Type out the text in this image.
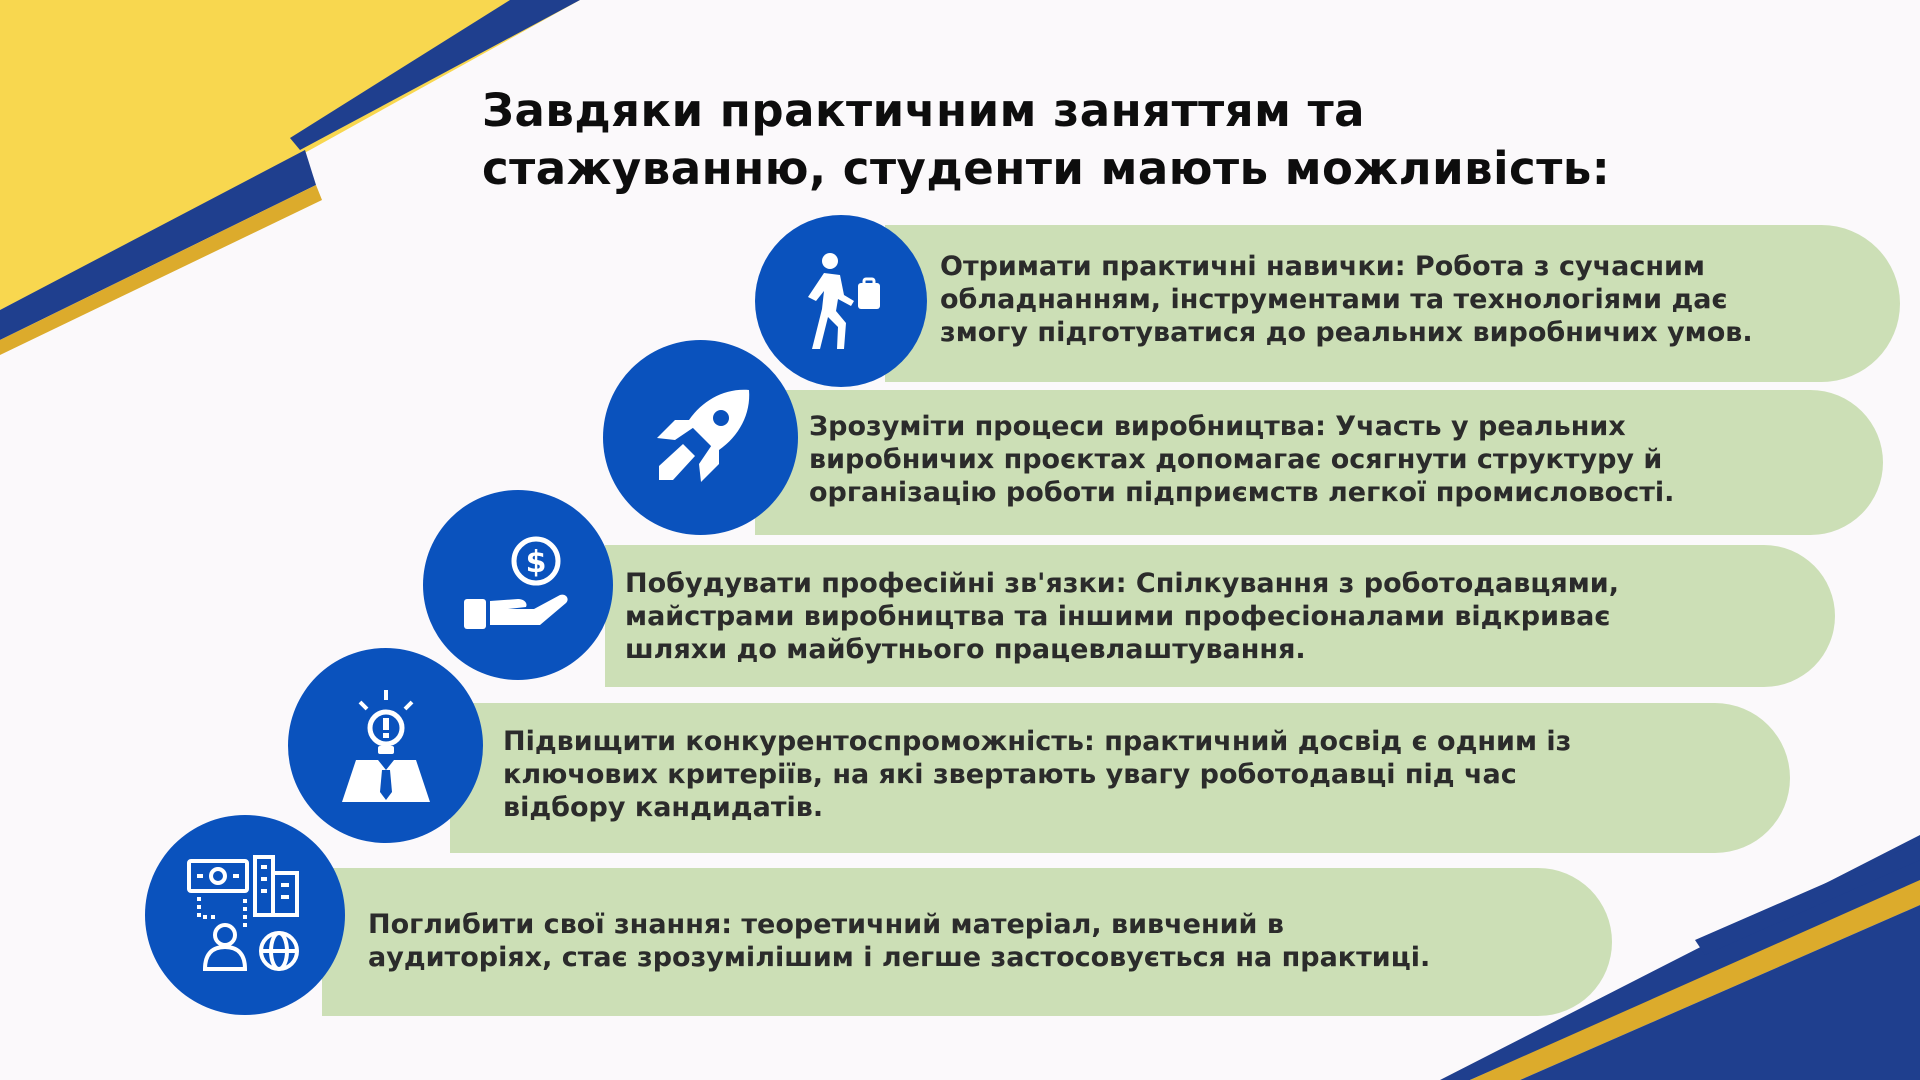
Завдяки практичним заняттям та
стажуванню, студенти мають можливість:

Отримати практичні навички: Робота з сучасним
обладнанням, інструментами та технологіями дає
змогу підготуватися до реальних виробничих умов.

Зрозуміти процеси виробництва: Участь у реальних
виробничих проєктах допомагає осягнути структуру й
організацію роботи підприємств легкої промисловості.

Побудувати професійні зв'язки: Спілкування з роботодавцями,
майстрами виробництва та іншими професіоналами відкриває
шляхи до майбутнього працевлаштування.

$

Підвищити конкурентоспроможність: практичний досвід є одним із
ключових критеріїв, на які звертають увагу роботодавці під час
відбору кандидатів.

Поглибити свої знання: теоретичний матеріал, вивчений в
аудиторіях, стає зрозумілішим і легше застосовується на практиці.
